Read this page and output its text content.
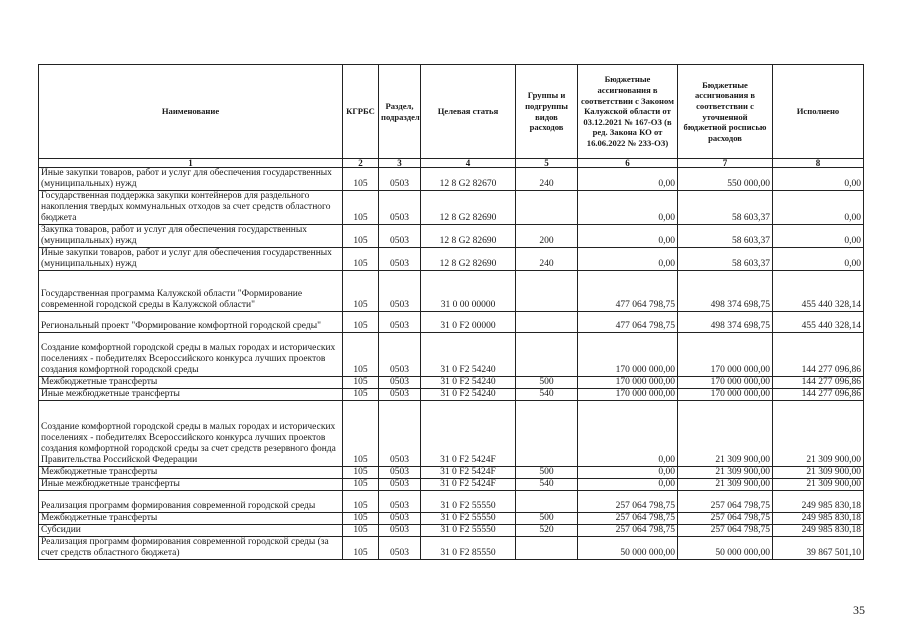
Наименование	КГРБС	Раздел, подраздел	Целевая статья	Группы и подгруппы видов расходов	Бюджетные ассигнования в соответствии с Законом Калужской области от 03.12.2021 № 167-ОЗ (в ред. Закона КО от 16.06.2022 № 233-ОЗ)	Бюджетные ассигнования в соответствии с уточненной бюджетной росписью расходов	Исполнено
1	2	3	4	5	6	7	8
Иные закупки товаров, работ и услуг для обеспечения государственных (муниципальных) нужд	105	0503	12 8 G2 82670	240	0,00	550 000,00	0,00
Государственная поддержка закупки контейнеров для раздельного накопления твердых коммунальных отходов за счет средств областного бюджета	105	0503	12 8 G2 82690		0,00	58 603,37	0,00
Закупка товаров, работ и услуг для обеспечения государственных (муниципальных) нужд	105	0503	12 8 G2 82690	200	0,00	58 603,37	0,00
Иные закупки товаров, работ и услуг для обеспечения государственных (муниципальных) нужд	105	0503	12 8 G2 82690	240	0,00	58 603,37	0,00
Государственная программа Калужской области "Формирование современной городской среды в Калужской области"	105	0503	31 0 00 00000		477 064 798,75	498 374 698,75	455 440 328,14
Региональный проект "Формирование комфортной городской среды"	105	0503	31 0 F2 00000		477 064 798,75	498 374 698,75	455 440 328,14
Создание комфортной городской среды в малых городах и исторических поселениях - победителях Всероссийского конкурса лучших проектов создания комфортной городской среды	105	0503	31 0 F2 54240		170 000 000,00	170 000 000,00	144 277 096,86
Межбюджетные трансферты	105	0503	31 0 F2 54240	500	170 000 000,00	170 000 000,00	144 277 096,86
Иные межбюджетные трансферты	105	0503	31 0 F2 54240	540	170 000 000,00	170 000 000,00	144 277 096,86
Создание комфортной городской среды в малых городах и исторических поселениях - победителях Всероссийского конкурса лучших проектов создания комфортной городской среды за счет средств резервного фонда Правительства Российской Федерации	105	0503	31 0 F2 5424F		0,00	21 309 900,00	21 309 900,00
Межбюджетные трансферты	105	0503	31 0 F2 5424F	500	0,00	21 309 900,00	21 309 900,00
Иные межбюджетные трансферты	105	0503	31 0 F2 5424F	540	0,00	21 309 900,00	21 309 900,00
Реализация программ формирования современной городской среды	105	0503	31 0 F2 55550		257 064 798,75	257 064 798,75	249 985 830,18
Межбюджетные трансферты	105	0503	31 0 F2 55550	500	257 064 798,75	257 064 798,75	249 985 830,18
Субсидии	105	0503	31 0 F2 55550	520	257 064 798,75	257 064 798,75	249 985 830,18
Реализация программ формирования современной городской среды (за счет средств областного бюджета)	105	0503	31 0 F2 85550		50 000 000,00	50 000 000,00	39 867 501,10
35
